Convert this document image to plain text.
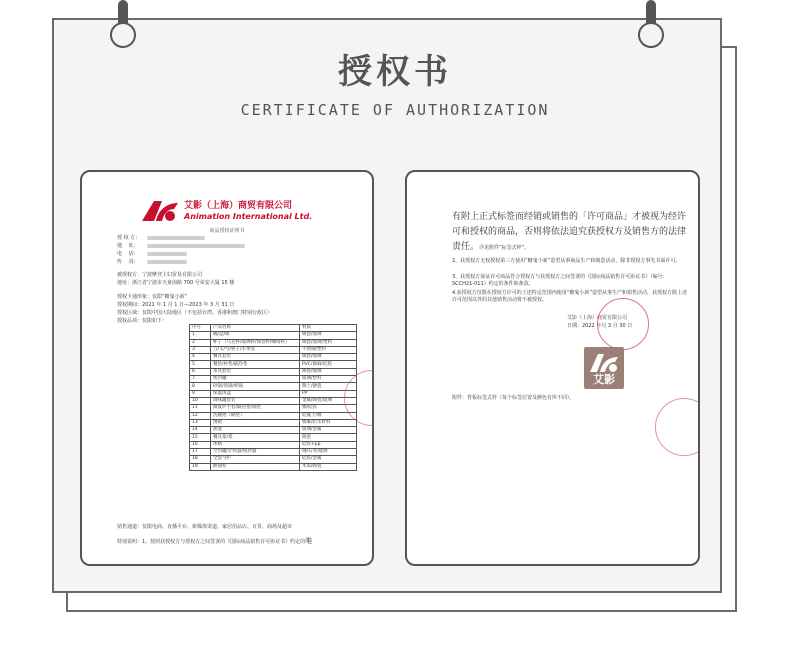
授权书
CERTIFICATE OF AUTHORIZATION
艾影（上海）商贸有限公司
Animation International Ltd.
商品授权证明书
授 权 方：
地　 址：
电　 话：
传　 真：
被授权方：宁波摩登主妇贸易有限公司
地址：浙江省宁波市天童南路 700 号荣安大厦 15 楼
授权卡通形象：仅限“糖鬼小新”
授权期间：2021 年 1 月 1 日—2023 年 3 月 31 日
授权区域：仅限中国大陆地区（不包括台湾、香港和澳门特别行政区）
授权品项：仅限如下：
序号	产品名称	材质
1	碗/盘/碟	陶瓷/玻璃
2	杯子（马克杯/玻璃杯/保管杯/咖啡杯）	陶瓷/玻璃/塑料
3	刀/叉/勺/筷子/水果签	不锈钢/塑料
4	餐具套装	陶瓷/玻璃
5	餐垫/杯垫/隔热垫	PVC/棉麻/硅胶
6	茶具套装	陶瓷/玻璃
7	密封罐	玻璃/塑料
8	砂锅/汤锅/奶锅	陶土/搪瓷
9	保温饭盒	PP
10	调味罐套装	金属/陶瓷/玻璃
11	微波炉手套/隔热垫/锅垫	棉/硅胶
12	洗碗池（刷垫）	硅藻土/棉
13	围裙	棉麻/防水材料
14	油壶	玻璃/金属
15	餐具架/架	陶瓷
16	冰格	硅胶+pp
17	空封罐/计时器/搅拌器	钢/石英/玻璃
18	全套勺铲	硅胶/金属
19	擀面杖	木质/陶瓷
销售通道：仅限电商、直播平台、新媒体渠道、家居用品店、百货、商场及超市
特别说明：1、按照获授权方与授权方之间签署的《国际商品销售许可协议书》约定的唯
有附上正式标签而经销或销售的「许可商品」才被视为经许可和授权的商品，否则将依法追究获授权方及销售方的法律责任。详见附件“标签式样”。
2、获授权方无权授权第三方使用“糖鬼小新”造型从事商品生产和制造活动，除非授权方事先书面许可。
3、获授权方保证许可商品符合授权方与获授权方之间签署的《国际商品销售许可协议书》（编号：SCCH21-011）约定的条件和条款。
4.获授权方仅限在授权方许可的上述特定范围内使用“糖鬼小新”造型从事生产和销售活动，获授权方除上述许可范围以外的其他销售活动将不被授权。
艾影（上海）商贸有限公司
日期：2022 年月 3 月 30 日
艾影
附件：背板标签式样（每个标签位置及颜色有所不同）。
